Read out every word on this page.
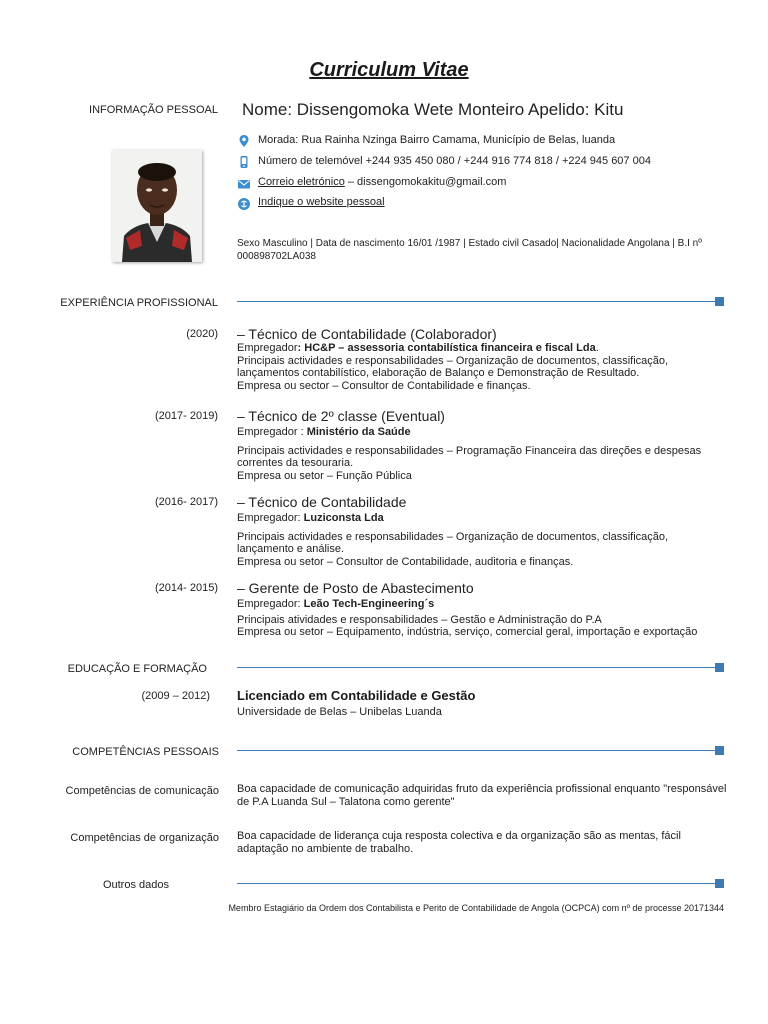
Curriculum Vitae
INFORMAÇÃO PESSOAL Nome: Dissengomoka Wete Monteiro Apelido: Kitu
Morada: Rua Rainha Nzinga Bairro Camama, Município de Belas, luanda
Número de telemóvel +244 935 450 080 / +244 916 774 818 / +224 945 607 004
Correio eletrónico – dissengomokakitu@gmail.com
Indique o website pessoal
Sexo Masculino | Data de nascimento 16/01 /1987 | Estado civil Casado| Nacionalidade Angolana | B.I nº 000898702LA038
EXPERIÊNCIA PROFISSIONAL
(2020) – Técnico de Contabilidade (Colaborador)
Empregador: HC&P – assessoria contabilística financeira e fiscal Lda.
Principais actividades e responsabilidades – Organização de documentos, classificação, lançamentos contabilístico, elaboração de Balanço e Demonstração de Resultado.
Empresa ou sector – Consultor de Contabilidade e finanças.
(2017- 2019) – Técnico de 2º classe (Eventual)
Empregador : Ministério da Saúde
Principais actividades e responsabilidades – Programação Financeira das direções e despesas correntes da tesouraria.
Empresa ou setor – Função Pública
(2016- 2017) – Técnico de Contabilidade
Empregador: Luziconsta Lda
Principais actividades e responsabilidades – Organização de documentos, classificação, lançamento e análise.
Empresa ou setor – Consultor de Contabilidade, auditoria e finanças.
(2014- 2015) – Gerente de Posto de Abastecimento
Empregador: Leão Tech-Engineering´s
Principais atividades e responsabilidades – Gestão e Administração do P.A
Empresa ou setor – Equipamento, indústria, serviço, comercial geral, importação e exportação
EDUCAÇÃO E FORMAÇÃO
(2009 – 2012) Licenciado em Contabilidade e Gestão
Universidade de Belas – Unibelas Luanda
COMPETÊNCIAS PESSOAIS
Competências de comunicação Boa capacidade de comunicação adquiridas fruto da experiência profissional enquanto "responsável de P.A Luanda Sul – Talatona como gerente"
Competências de organização Boa capacidade de liderança cuja resposta colectiva e da organização são as mentas, fácil adaptação no ambiente de trabalho.
Outros dados
Membro Estagiário da Ordem dos Contabilista e Perito de Contabilidade de Angola (OCPCA) com nº de processe 20171344
